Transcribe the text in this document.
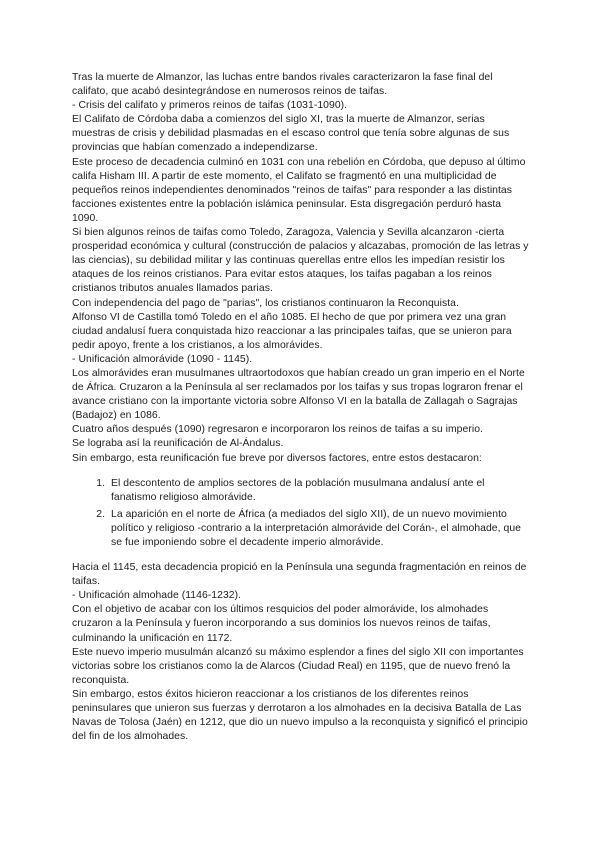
Tras la muerte de Almanzor, las luchas entre bandos rivales caracterizaron la fase final del califato, que acabó desintegrándose en numerosos reinos de taifas.

- Crisis del califato y primeros reinos de taifas (1031-1090).

El Califato de Córdoba daba a comienzos del siglo XI, tras la muerte de Almanzor, serias muestras de crisis y debilidad plasmadas en el escaso control que tenía sobre algunas de sus provincias que habían comenzado a independizarse.

Este proceso de decadencia culminó en 1031 con una rebelión en Córdoba, que depuso al último califa Hisham III. A partir de este momento, el Califato se fragmentó en una multiplicidad de pequeños reinos independientes denominados "reinos de taifas" para responder a las distintas facciones existentes entre la población islámica peninsular. Esta disgregación perduró hasta 1090.

Si bien algunos reinos de taifas como Toledo, Zaragoza, Valencia y Sevilla alcanzaron -cierta prosperidad económica y cultural (construcción de palacios y alcazabas, promoción de las letras y las ciencias), su debilidad militar y las continuas querellas entre ellos les impedían resistir los ataques de los reinos cristianos. Para evitar estos ataques, los taifas pagaban a los reinos cristianos tributos anuales llamados parias.

Con independencia del pago de "parias", los cristianos continuaron la Reconquista.

Alfonso VI de Castilla tomó Toledo en el año 1085. El hecho de que por primera vez una gran ciudad andalusí fuera conquistada hizo reaccionar a las principales taifas, que se unieron para pedir apoyo, frente a los cristianos, a los almorávides.

- Unificación almorávide (1090 - 1145).

Los almorávides eran musulmanes ultraortodoxos que habían creado un gran imperio en el Norte de África. Cruzaron a la Península al ser reclamados por los taifas y sus tropas lograron frenar el avance cristiano con la importante victoria sobre Alfonso VI en la batalla de Zallagah o Sagrajas (Badajoz) en 1086.

Cuatro años después (1090) regresaron e incorporaron los reinos de taifas a su imperio.

Se lograba así la reunificación de Al-Ándalus.

Sin embargo, esta reunificación fue breve por diversos factores, entre estos destacaron:

1. El descontento de amplios sectores de la población musulmana andalusí ante el fanatismo religioso almorávide.
2. La aparición en el norte de África (a mediados del siglo XII), de un nuevo movimiento político y religioso -contrario a la interpretación almorávide del Corán-, el almohade, que se fue imponiendo sobre el decadente imperio almorávide.

Hacia el 1145, esta decadencia propició en la Península una segunda fragmentación en reinos de taifas.

- Unificación almohade (1146-1232).

Con el objetivo de acabar con los últimos resquicios del poder almorávide, los almohades cruzaron a la Península y fueron incorporando a sus dominios los nuevos reinos de taifas, culminando la unificación en 1172.

Este nuevo imperio musulmán alcanzó su máximo esplendor a fines del siglo XII con importantes victorias sobre los cristianos como la de Alarcos (Ciudad Real) en 1195, que de nuevo frenó la reconquista.

Sin embargo, estos éxitos hicieron reaccionar a los cristianos de los diferentes reinos peninsulares que unieron sus fuerzas y derrotaron a los almohades en la decisiva Batalla de Las Navas de Tolosa (Jaén) en 1212, que dio un nuevo impulso a la reconquista y significó el principio del fin de los almohades.
